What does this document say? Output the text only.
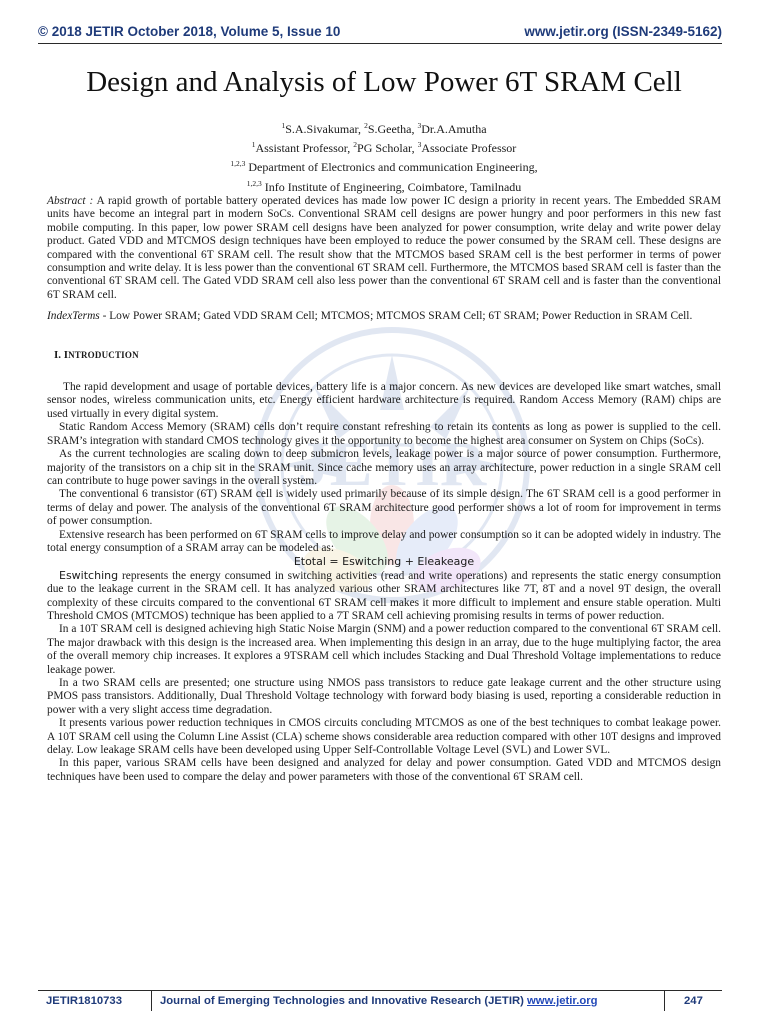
© 2018 JETIR October 2018, Volume 5, Issue 10	www.jetir.org (ISSN-2349-5162)
JETIR
Design and Analysis of Low Power 6T SRAM Cell
$^1$S.A.Sivakumar, $^2$S.Geetha, $^3$Dr.A.Amutha
$^1$Assistant Professor, $^2$PG Scholar, $^3$Associate Professor
$^{1,2,3}$ Department of Electronics and communication Engineering,
$^{1,2,3}$ Info Institute of Engineering, Coimbatore, Tamilnadu

Abstract : A rapid growth of portable battery operated devices has made low power IC design a priority in recent years. The Embedded SRAM units have become an integral part in modern SoCs. Conventional SRAM cell designs are power hungry and poor performers in this new fast mobile computing. In this paper, low power SRAM cell designs have been analyzed for power consumption, write delay and write power delay product. Gated VDD and MTCMOS design techniques have been employed to reduce the power consumed by the SRAM cell. These designs are compared with the conventional 6T SRAM cell. The result show that the MTCMOS based SRAM cell is the best performer in terms of power consumption and write delay. It is less power than the conventional 6T SRAM cell. Furthermore, the MTCMOS based SRAM cell is faster than the conventional 6T SRAM cell. The Gated VDD SRAM cell also less power than the conventional 6T SRAM cell and is faster than the conventional 6T SRAM cell.

IndexTerms - Low Power SRAM; Gated VDD SRAM Cell; MTCMOS; MTCMOS SRAM Cell; 6T SRAM; Power Reduction in SRAM Cell.

I. INTRODUCTION

The rapid development and usage of portable devices, battery life is a major concern. As new devices are developed like smart watches, small sensor nodes, wireless communication units, etc. Energy efficient hardware architecture is required. Random Access Memory (RAM) chips are used virtually in every digital system.

Static Random Access Memory (SRAM) cells don’t require constant refreshing to retain its contents as long as power is supplied to the cell. SRAM’s integration with standard CMOS technology gives it the opportunity to become the highest area consumer on System on Chips (SoCs).

As the current technologies are scaling down to deep submicron levels, leakage power is a major source of power consumption. Furthermore, majority of the transistors on a chip sit in the SRAM unit. Since cache memory uses an array architecture, power reduction in a single SRAM cell can contribute to huge power savings in the overall system.

The conventional 6 transistor (6T) SRAM cell is widely used primarily because of its simple design. The 6T SRAM cell is a good performer in terms of delay and power. The analysis of the conventional 6T SRAM architecture good performer shows a lot of room for improvement in terms of power consumption.

Extensive research has been performed on 6T SRAM cells to improve delay and power consumption so it can be adopted widely in industry. The total energy consumption of a SRAM array can be modeled as:

Etotal = Eswitching + Eleakeage

Eswitching represents the energy consumed in switching activities (read and write operations) and represents the static energy consumption due to the leakage current in the SRAM cell. It has analyzed various other SRAM architectures like 7T, 8T and a novel 9T design, the overall complexity of these circuits compared to the conventional 6T SRAM cell makes it more difficult to implement and ensure stable operation. Multi Threshold CMOS (MTCMOS) technique has been applied to a 7T SRAM cell achieving promising results in terms of power reduction.

In a 10T SRAM cell is designed achieving high Static Noise Margin (SNM) and a power reduction compared to the conventional 6T SRAM cell. The major drawback with this design is the increased area. When implementing this design in an array, due to the huge multiplying factor, the area of the overall memory chip increases. It explores a 9TSRAM cell which includes Stacking and Dual Threshold Voltage implementations to reduce leakage power.

In a two SRAM cells are presented; one structure using NMOS pass transistors to reduce gate leakage current and the other structure using PMOS pass transistors. Additionally, Dual Threshold Voltage technology with forward body biasing is used, reporting a considerable reduction in power with a very slight access time degradation.

It presents various power reduction techniques in CMOS circuits concluding MTCMOS as one of the best techniques to combat leakage power. A 10T SRAM cell using the Column Line Assist (CLA) scheme shows considerable area reduction compared with other 10T designs and improved delay. Low leakage SRAM cells have been developed using Upper Self-Controllable Voltage Level (SVL) and Lower SVL.

In this paper, various SRAM cells have been designed and analyzed for delay and power consumption. Gated VDD and MTCMOS design techniques have been used to compare the delay and power parameters with those of the conventional 6T SRAM cell.

JETIR1810733	Journal of Emerging Technologies and Innovative Research (JETIR) www.jetir.org	247
